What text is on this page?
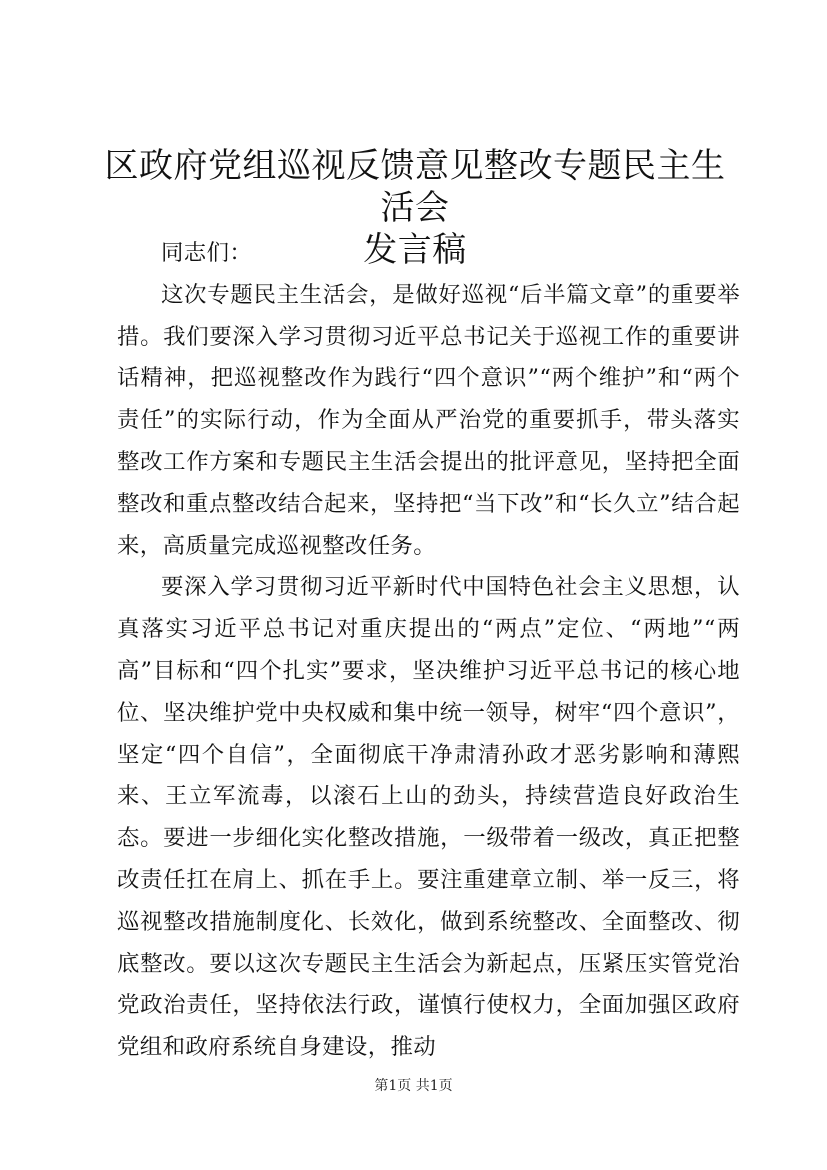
区政府党组巡视反馈意见整改专题民主生活会
发言稿

同志们：

这次专题民主生活会，是做好巡视“后半篇文章”的重要举措。我们要深入学习贯彻习近平总书记关于巡视工作的重要讲话精神，把巡视整改作为践行“四个意识”“两个维护”和“两个责任”的实际行动，作为全面从严治党的重要抓手，带头落实整改工作方案和专题民主生活会提出的批评意见，坚持把全面整改和重点整改结合起来，坚持把“当下改”和“长久立”结合起来，高质量完成巡视整改任务。

要深入学习贯彻习近平新时代中国特色社会主义思想，认真落实习近平总书记对重庆提出的“两点”定位、“两地”“两高”目标和“四个扎实”要求，坚决维护习近平总书记的核心地位、坚决维护党中央权威和集中统一领导，树牢“四个意识”，坚定“四个自信”，全面彻底干净肃清孙政才恶劣影响和薄熙来、王立军流毒，以滚石上山的劲头，持续营造良好政治生态。要进一步细化实化整改措施，一级带着一级改，真正把整改责任扛在肩上、抓在手上。要注重建章立制、举一反三，将巡视整改措施制度化、长效化，做到系统整改、全面整改、彻底整改。要以这次专题民主生活会为新起点，压紧压实管党治党政治责任，坚持依法行政，谨慎行使权力，全面加强区政府党组和政府系统自身建设，推动

第1页 共1页
